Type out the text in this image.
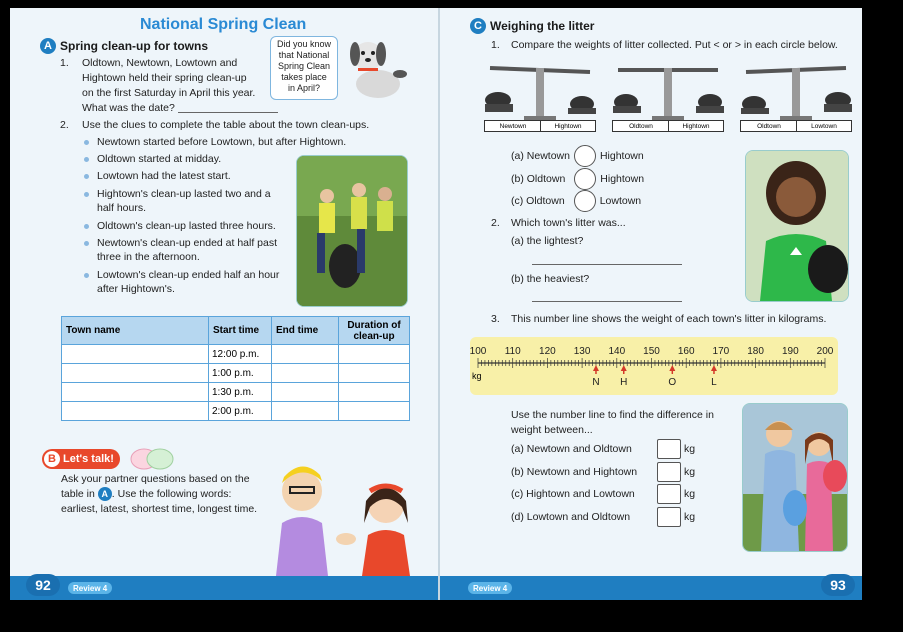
National Spring Clean
A Spring clean-up for towns
1. Oldtown, Newtown, Lowtown and
Hightown held their spring clean-up
on the first Saturday in April this year.
What was the date?
Did you know
that National
Spring Clean
takes place
in April?
2. Use the clues to complete the table about the town clean-ups.
Newtown started before Lowtown, but after Hightown.
Oldtown started at midday.
Lowtown had the latest start.
Hightown's clean-up lasted two and a
half hours.
Oldtown's clean-up lasted three hours.
Newtown's clean-up ended at half past
three in the afternoon.
Lowtown's clean-up ended half an hour
after Hightown's.
Town name	Start time	End time	Duration of clean-up
	12:00 p.m.		
	1:00 p.m.		
	1:30 p.m.		
	2:00 p.m.		
B Let's talk!
Ask your partner questions based on the
table in A . Use the following words:
earliest, latest, shortest time, longest time.
92	Review 4
C Weighing the litter
1. Compare the weights of litter collected. Put < or > in each circle below.
Newtown	Hightown	Oldtown	Hightown	Oldtown	Lowtown
(a)
Newtown	Hightown
(b)
Oldtown	Hightown
(c)
Oldtown	Lowtown
2. Which town's litter was...
(a) the lightest?
(b) the heaviest?
3. This number line shows the weight of each town's litter in kilograms.
100 110 120 130 140 150 160 170 180 190 200
N H	O	L
kg
Use the number line to find the difference in
weight between...
(a) Newtown and Oldtown	kg
(b) Newtown and Hightown	kg
(c) Hightown and Lowtown	kg
(d) Lowtown and Oldtown	kg
Review 4	93
